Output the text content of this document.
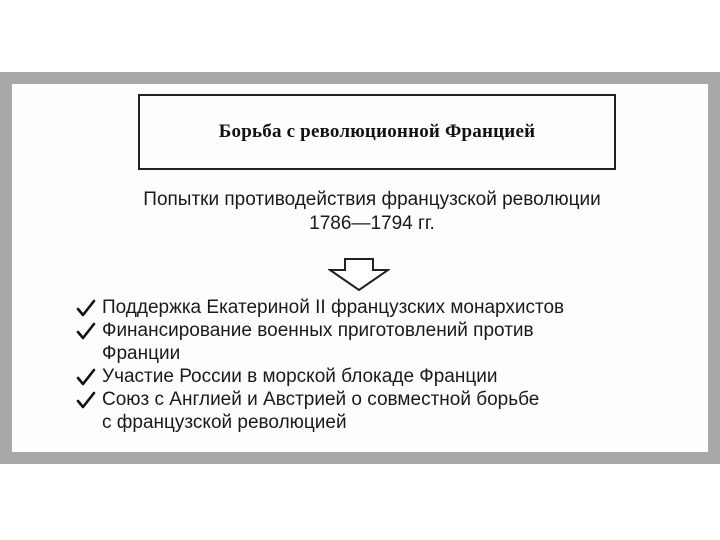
Борьба с революционной Францией
Попытки противодействия французской революции
1786—1794 гг.
Поддержка Екатериной II французских монархистов
Финансирование военных приготовлений против
Франции
Участие России в морской блокаде Франции
Союз с Англией и Австрией о совместной борьбе
с французской революцией
